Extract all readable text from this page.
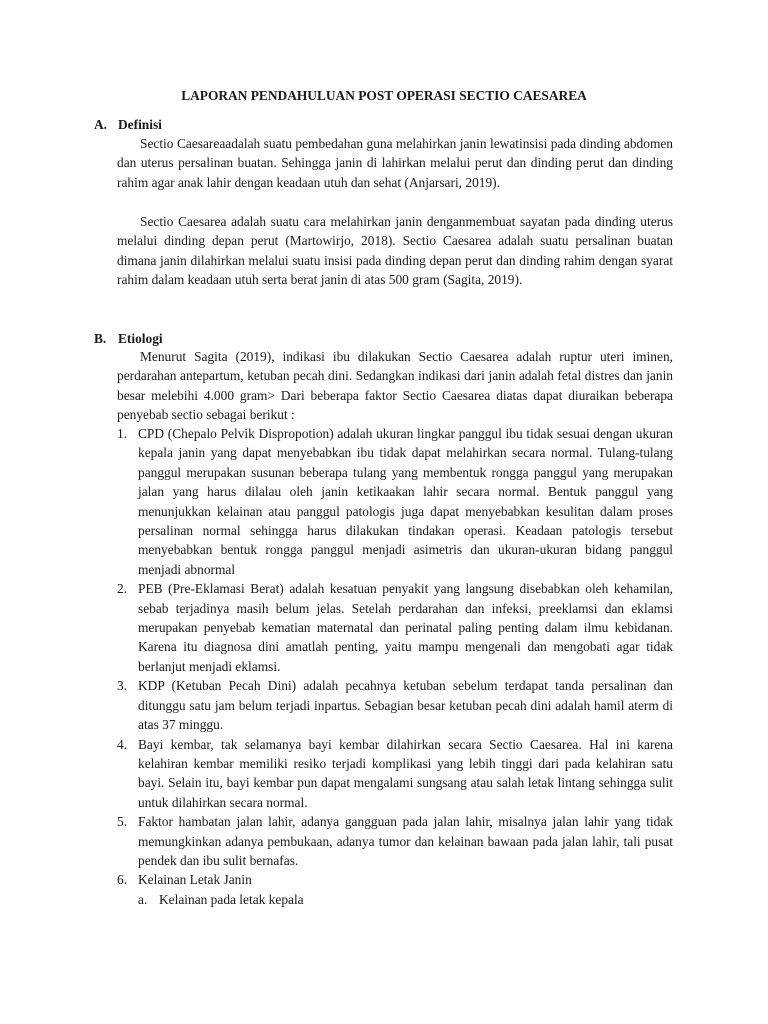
LAPORAN PENDAHULUAN POST OPERASI SECTIO CAESAREA
A. Definisi
Sectio Caesareaadalah suatu pembedahan guna melahirkan janin lewatinsisi pada dinding abdomen dan uterus persalinan buatan. Sehingga janin di lahirkan melalui perut dan dinding perut dan dinding rahim agar anak lahir dengan keadaan utuh dan sehat (Anjarsari, 2019).
Sectio Caesarea adalah suatu cara melahirkan janin denganmembuat sayatan pada dinding uterus melalui dinding depan perut (Martowirjo, 2018). Sectio Caesarea adalah suatu persalinan buatan dimana janin dilahirkan melalui suatu insisi pada dinding depan perut dan dinding rahim dengan syarat rahim dalam keadaan utuh serta berat janin di atas 500 gram (Sagita, 2019).
B. Etiologi
Menurut Sagita (2019), indikasi ibu dilakukan Sectio Caesarea adalah ruptur uteri iminen, perdarahan antepartum, ketuban pecah dini. Sedangkan indikasi dari janin adalah fetal distres dan janin besar melebihi 4.000 gram> Dari beberapa faktor Sectio Caesarea diatas dapat diuraikan beberapa penyebab sectio sebagai berikut :
1. CPD (Chepalo Pelvik Dispropotion) adalah ukuran lingkar panggul ibu tidak sesuai dengan ukuran kepala janin yang dapat menyebabkan ibu tidak dapat melahirkan secara normal. Tulang-tulang panggul merupakan susunan beberapa tulang yang membentuk rongga panggul yang merupakan jalan yang harus dilalau oleh janin ketikaakan lahir secara normal. Bentuk panggul yang menunjukkan kelainan atau panggul patologis juga dapat menyebabkan kesulitan dalam proses persalinan normal sehingga harus dilakukan tindakan operasi. Keadaan patologis tersebut menyebabkan bentuk rongga panggul menjadi asimetris dan ukuran-ukuran bidang panggul menjadi abnormal
2. PEB (Pre-Eklamasi Berat) adalah kesatuan penyakit yang langsung disebabkan oleh kehamilan, sebab terjadinya masih belum jelas. Setelah perdarahan dan infeksi, preeklamsi dan eklamsi merupakan penyebab kematian maternatal dan perinatal paling penting dalam ilmu kebidanan. Karena itu diagnosa dini amatlah penting, yaitu mampu mengenali dan mengobati agar tidak berlanjut menjadi eklamsi.
3. KDP (Ketuban Pecah Dini) adalah pecahnya ketuban sebelum terdapat tanda persalinan dan ditunggu satu jam belum terjadi inpartus. Sebagian besar ketuban pecah dini adalah hamil aterm di atas 37 minggu.
4. Bayi kembar, tak selamanya bayi kembar dilahirkan secara Sectio Caesarea. Hal ini karena kelahiran kembar memiliki resiko terjadi komplikasi yang lebih tinggi dari pada kelahiran satu bayi. Selain itu, bayi kembar pun dapat mengalami sungsang atau salah letak lintang sehingga sulit untuk dilahirkan secara normal.
5. Faktor hambatan jalan lahir, adanya gangguan pada jalan lahir, misalnya jalan lahir yang tidak memungkinkan adanya pembukaan, adanya tumor dan kelainan bawaan pada jalan lahir, tali pusat pendek dan ibu sulit bernafas.
6. Kelainan Letak Janin
a. Kelainan pada letak kepala
